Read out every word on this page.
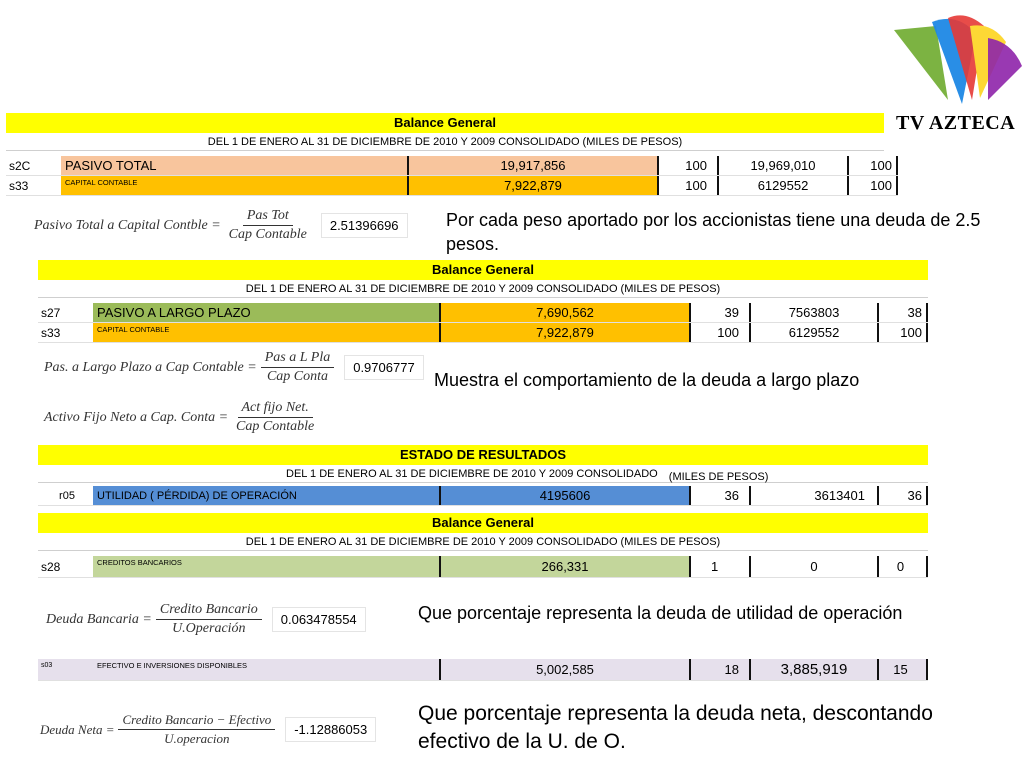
TV AZTECA
Balance General
DEL 1 DE ENERO AL 31 DE DICIEMBRE DE 2010 Y 2009 CONSOLIDADO (MILES DE PESOS)
s2C	PASIVO TOTAL	19,917,856	100	19,969,010	100
s33	CAPITAL CONTABLE	7,922,879	100	6129552	100
Pasivo Total a Capital Contble = $\frac{\text{Pas Tot}}{\text{Cap Contable}}$	2.51396696	Por cada peso aportado por los accionistas tiene una deuda de 2.5 pesos.
Balance General
DEL 1 DE ENERO AL 31 DE DICIEMBRE DE 2010 Y 2009 CONSOLIDADO (MILES DE PESOS)
s27	PASIVO A LARGO PLAZO	7,690,562	39	7563803	38
s33	CAPITAL CONTABLE	7,922,879	100	6129552	100
Pas. a Largo Plazo a Cap Contable = $\frac{\text{Pas a L Pla}}{\text{Cap Conta}}$	0.9706777
Muestra el comportamiento de la deuda a largo plazo
Activo Fijo Neto a Cap. Conta = $\frac{\text{Act fijo Net.}}{\text{Cap Contable}}$
ESTADO DE RESULTADOS
DEL 1 DE ENERO AL 31 DE DICIEMBRE DE 2010 Y 2009 CONSOLIDADO (MILES DE PESOS)
r05	UTILIDAD ( PÉRDIDA) DE OPERACIÓN	4195606	36	3613401	36
Balance General
DEL 1 DE ENERO AL 31 DE DICIEMBRE DE 2010 Y 2009 CONSOLIDADO (MILES DE PESOS)
s28	CREDITOS BANCARIOS	266,331	1	0	0
Deuda Bancaria = $\frac{\text{Credito Bancario}}{\text{U.Operación}}$	0.063478554	Que porcentaje representa la deuda de utilidad de operación
s03	EFECTIVO E INVERSIONES DISPONIBLES	5,002,585	18	3,885,919	15
Deuda Neta = $\frac{\text{Credito Bancario − Efectivo}}{\text{U.operacion}}$	-1.12886053
Que porcentaje representa la deuda neta, descontando efectivo de la U. de O.
